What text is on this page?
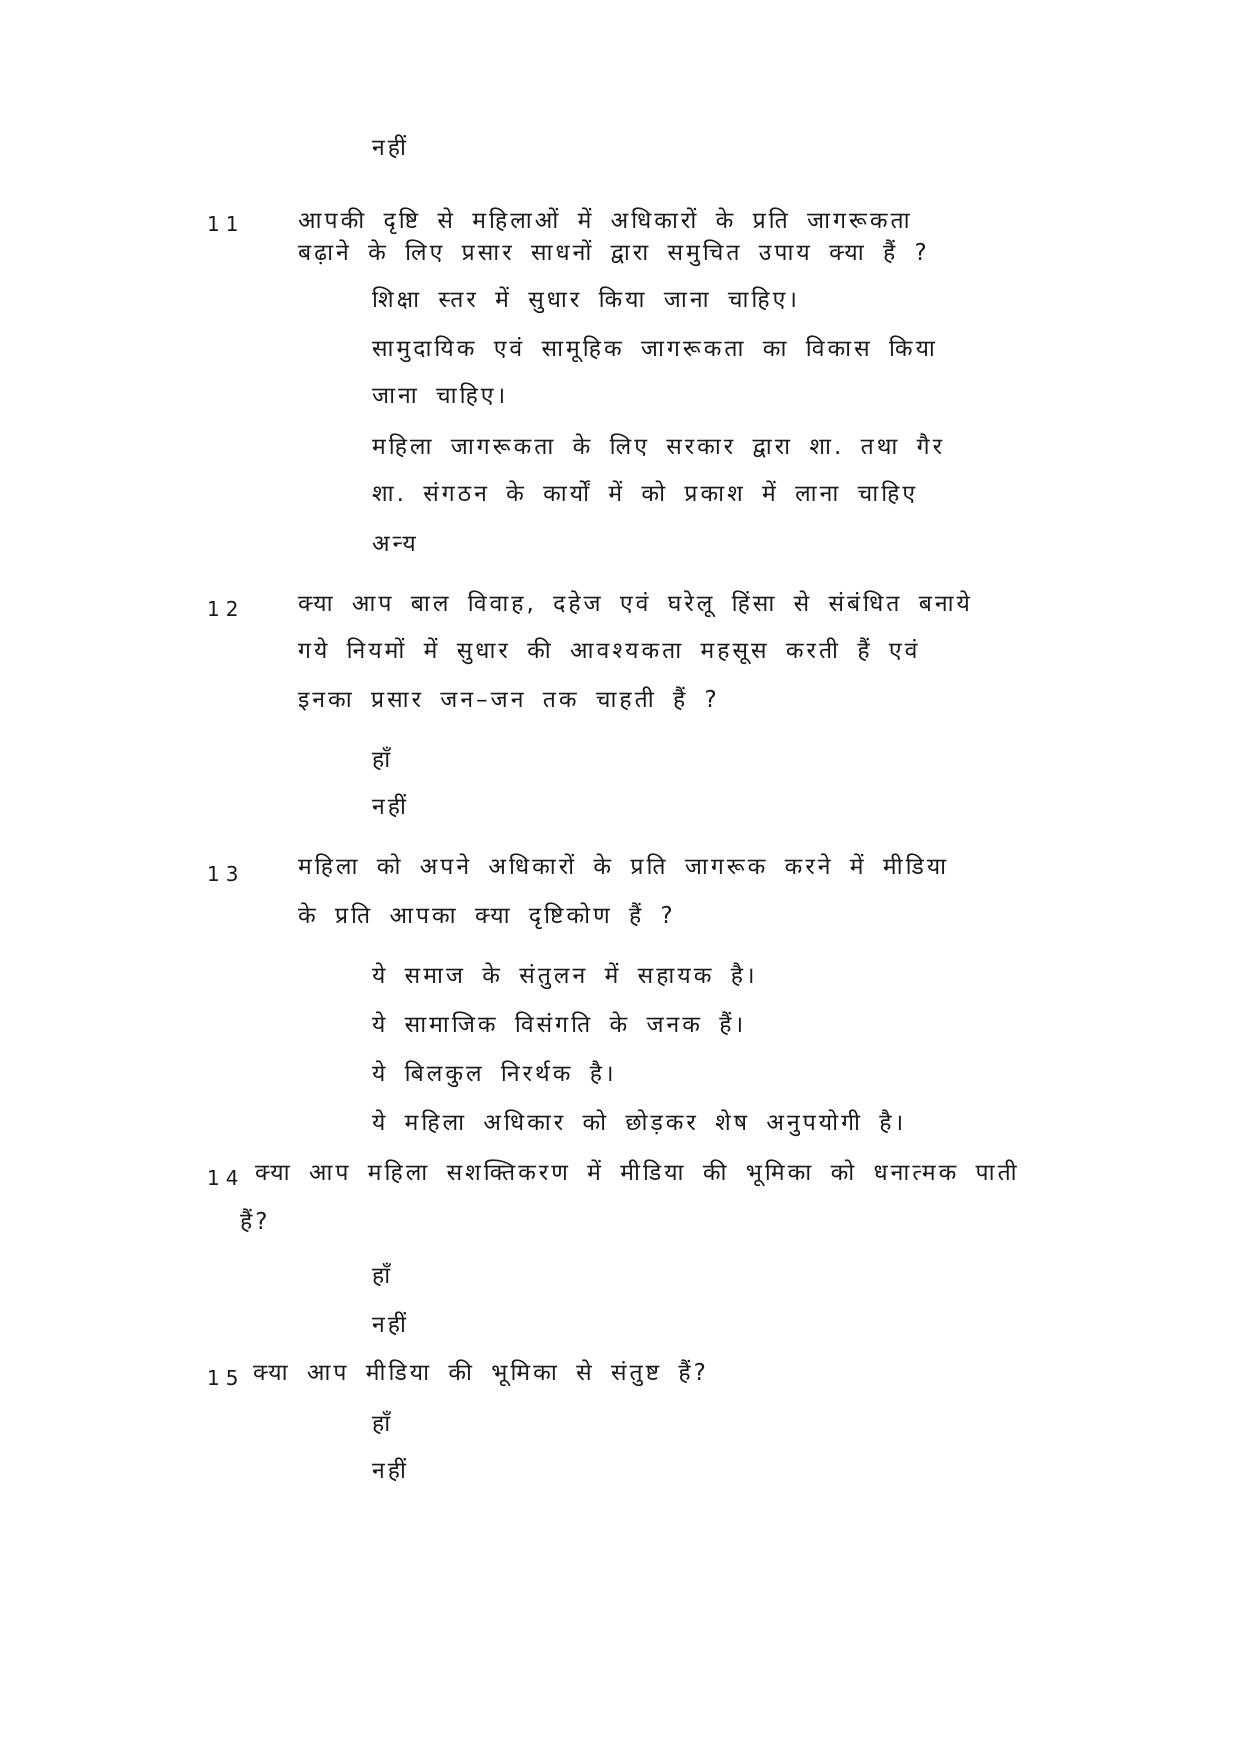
नहीं
11 आपकी दृष्टि से महिलाओं में अधिकारों के प्रति जागरूकता
बढ़ाने के लिए प्रसार साधनों द्वारा समुचित उपाय क्या हैं ?
शिक्षा स्तर में सुधार किया जाना चाहिए।
सामुदायिक एवं सामूहिक जागरूकता का विकास किया
जाना चाहिए।
महिला जागरूकता के लिए सरकार द्वारा शा. तथा गैर
शा. संगठन के कार्यों में को प्रकाश में लाना चाहिए
अन्य
12 क्या आप बाल विवाह, दहेज एवं घरेलू हिंसा से संबंधित बनाये
गये नियमों में सुधार की आवश्यकता महसूस करती हैं एवं
इनका प्रसार जन–जन तक चाहती हैं ?
हाँ
नहीं
13 महिला को अपने अधिकारों के प्रति जागरूक करने में मीडिया
के प्रति आपका क्या दृष्टिकोण हैं ?
ये समाज के संतुलन में सहायक है।
ये सामाजिक विसंगति के जनक हैं।
ये बिलकुल निरर्थक है।
ये महिला अधिकार को छोड़कर शेष अनुपयोगी है।
14 क्या आप महिला सशक्तिकरण में मीडिया की भूमिका को धनात्मक पाती
हैं?
हाँ
नहीं
15 क्या आप मीडिया की भूमिका से संतुष्ट हैं?
हाँ
नहीं
